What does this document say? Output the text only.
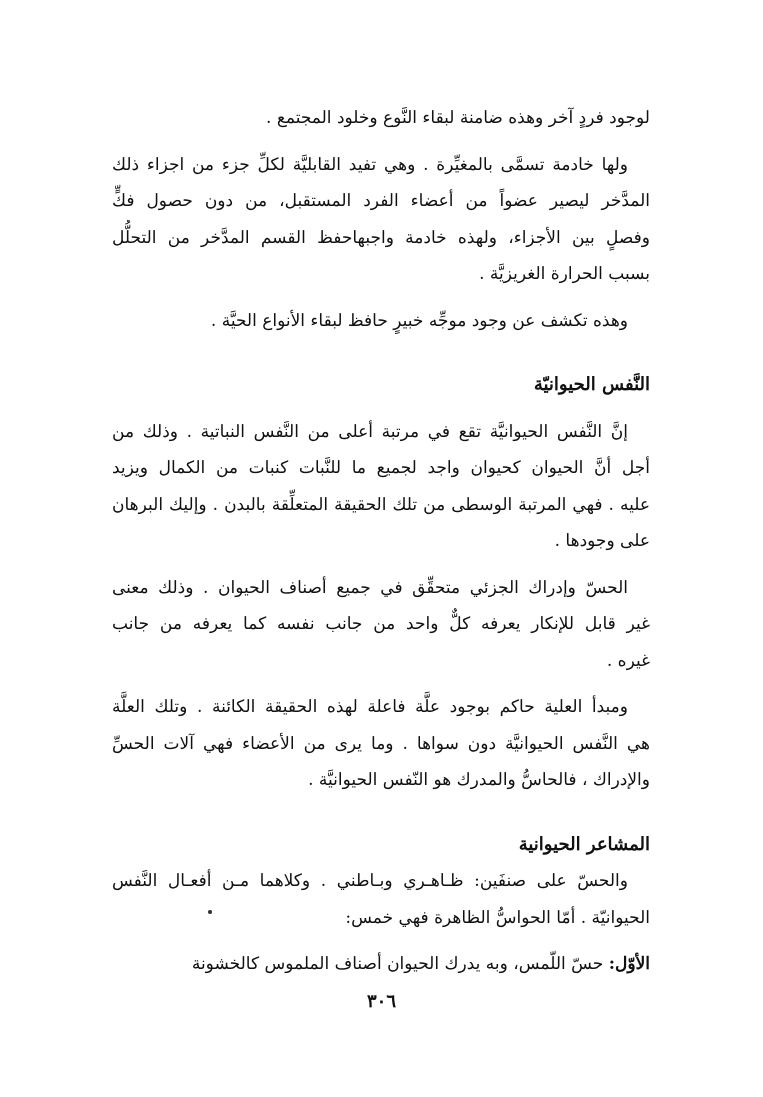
لوجود فردٍ آخر وهذه ضامنة لبقاء النَّوع وخلود المجتمع .
ولها خادمة تسمَّى بالمغيِّرة . وهي تفيد القابليَّة لكلِّ جزء من اجزاء ذلك
المدَّخر ليصير عضواً من أعضاء الفرد المستقبل، من دون حصول فكٍّ
وفصلٍ بين الأجزاء، ولهذه خادمة واجبهاحفظ القسم المدَّخر من التحلُّل
بسبب الحرارة الغريزيَّة .
وهذه تكشف عن وجود موجِّه خبيرٍ حافظ لبقاء الأنواع الحيَّة .
النَّفس الحيوانيّة
إنَّ النَّفس الحيوانيَّة تقع في مرتبة أعلى من النَّفس النباتية . وذلك من
أجل أنَّ الحيوان كحيوان واجد لجميع ما للنَّبات كنبات من الكمال ويزيد
عليه . فهي المرتبة الوسطى من تلك الحقيقة المتعلِّقة بالبدن . وإليك البرهان
على وجودها .
الحسّ وإدراك الجزئي متحقِّق في جميع أصناف الحيوان . وذلك معنى
غير قابل للإنكار يعرفه كلٌّ واحد من جانب نفسه كما يعرفه من جانب
غيره .
ومبدأ العلية حاكم بوجود علَّة فاعلة لهذه الحقيقة الكائنة . وتلك العلَّة
هي النَّفس الحيوانيَّة دون سواها . وما يرى من الأعضاء فهي آلات الحسِّ
والإدراك ، فالحاسُّ والمدرك هو النّفس الحيوانيَّة .
المشاعر الحيوانية
والحسّ على صنفَين: ظـاهـري وبـاطني . وكلاهما مـن أفعـال النَّفس
الحيوانيّة . أمّا الحواسُّ الظاهرة فهي خمس:
الأوّل: حسّ اللّمس، وبه يدرك الحيوان أصناف الملموس كالخشونة
٣٠٦
